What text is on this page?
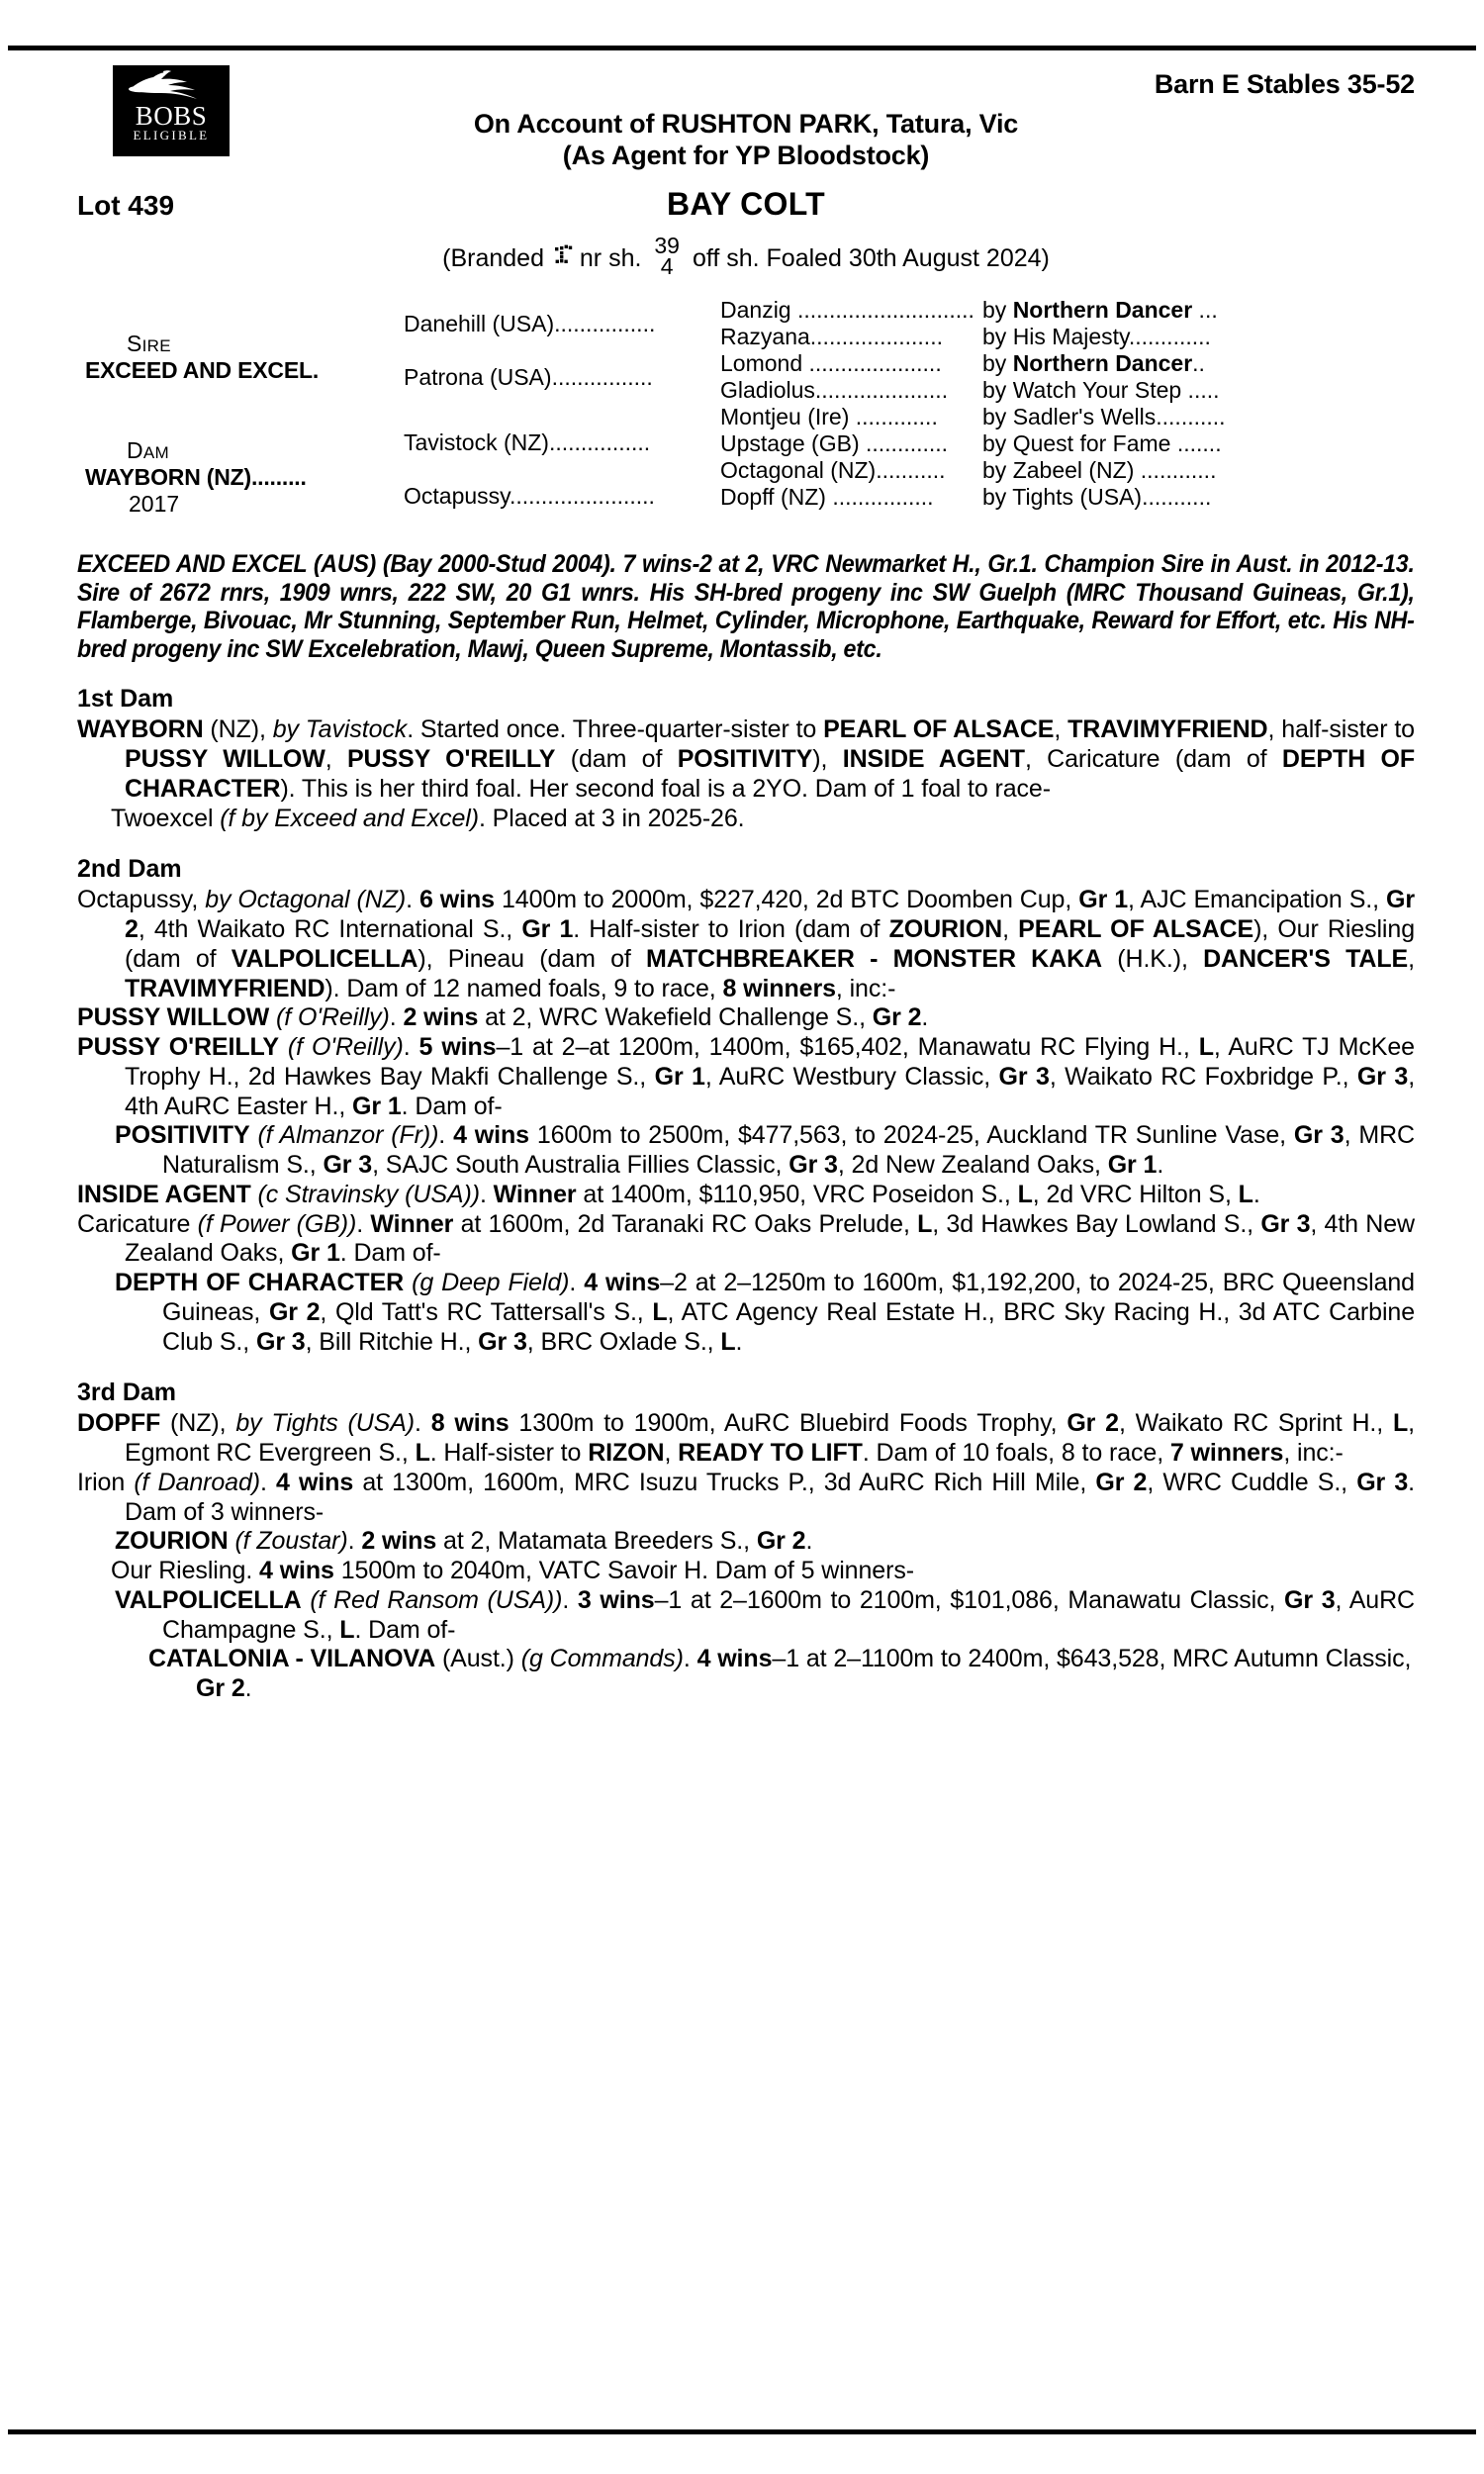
BOBS
ELIGIBLE
Barn E Stables 35-52
On Account of RUSHTON PARK, Tatura, Vic
(As Agent for YP Bloodstock)
Lot 439	BAY COLT
(Branded nr sh. 39
4 off sh. Foaled 30th August 2024)
SIRE
EXCEED AND EXCEL.
DAM
WAYBORN (NZ).........
2017
Danehill (USA)................
Patrona (USA)................
Tavistock (NZ)................
Octapussy.......................
Danzig ............................
Razyana.....................
Lomond .....................
Gladiolus.....................
Montjeu (Ire) .............
Upstage (GB) .............
Octagonal (NZ)...........
Dopff (NZ) ................
by Northern Dancer ...
by His Majesty.............
by Northern Dancer..
by Watch Your Step .....
by Sadler's Wells...........
by Quest for Fame .......
by Zabeel (NZ) ............
by Tights (USA)...........
EXCEED AND EXCEL (AUS) (Bay 2000-Stud 2004). 7 wins-2 at 2, VRC Newmarket H., Gr.1. Champion Sire in Aust. in 2012-13. Sire of 2672 rnrs, 1909 wnrs, 222 SW, 20 G1 wnrs. His SH-bred progeny inc SW Guelph (MRC Thousand Guineas, Gr.1), Flamberge, Bivouac, Mr Stunning, September Run, Helmet, Cylinder, Microphone, Earthquake, Reward for Effort, etc. His NH-bred progeny inc SW Excelebration, Mawj, Queen Supreme, Montassib, etc.
1st Dam

WAYBORN (NZ), by Tavistock. Started once. Three-quarter-sister to PEARL OF ALSACE, TRAVIMYFRIEND, half-sister to PUSSY WILLOW, PUSSY O'REILLY (dam of POSITIVITY), INSIDE AGENT, Caricature (dam of DEPTH OF CHARACTER). This is her third foal. Her second foal is a 2YO. Dam of 1 foal to race-

Twoexcel (f by Exceed and Excel). Placed at 3 in 2025-26.

2nd Dam

Octapussy, by Octagonal (NZ). 6 wins 1400m to 2000m, $227,420, 2d BTC Doomben Cup, Gr 1, AJC Emancipation S., Gr 2, 4th Waikato RC International S., Gr 1. Half-sister to Irion (dam of ZOURION, PEARL OF ALSACE), Our Riesling (dam of VALPOLICELLA), Pineau (dam of MATCHBREAKER - MONSTER KAKA (H.K.), DANCER'S TALE, TRAVIMYFRIEND). Dam of 12 named foals, 9 to race, 8 winners, inc:-

PUSSY WILLOW (f O'Reilly). 2 wins at 2, WRC Wakefield Challenge S., Gr 2.

PUSSY O'REILLY (f O'Reilly). 5 wins–1 at 2–at 1200m, 1400m, $165,402, Manawatu RC Flying H., L, AuRC TJ McKee Trophy H., 2d Hawkes Bay Makfi Challenge S., Gr 1, AuRC Westbury Classic, Gr 3, Waikato RC Foxbridge P., Gr 3, 4th AuRC Easter H., Gr 1. Dam of-

POSITIVITY (f Almanzor (Fr)). 4 wins 1600m to 2500m, $477,563, to 2024-25, Auckland TR Sunline Vase, Gr 3, MRC Naturalism S., Gr 3, SAJC South Australia Fillies Classic, Gr 3, 2d New Zealand Oaks, Gr 1.

INSIDE AGENT (c Stravinsky (USA)). Winner at 1400m, $110,950, VRC Poseidon S., L, 2d VRC Hilton S, L.

Caricature (f Power (GB)). Winner at 1600m, 2d Taranaki RC Oaks Prelude, L, 3d Hawkes Bay Lowland S., Gr 3, 4th New Zealand Oaks, Gr 1. Dam of-

DEPTH OF CHARACTER (g Deep Field). 4 wins–2 at 2–1250m to 1600m, $1,192,200, to 2024-25, BRC Queensland Guineas, Gr 2, Qld Tatt's RC Tattersall's S., L, ATC Agency Real Estate H., BRC Sky Racing H., 3d ATC Carbine Club S., Gr 3, Bill Ritchie H., Gr 3, BRC Oxlade S., L.

3rd Dam

DOPFF (NZ), by Tights (USA). 8 wins 1300m to 1900m, AuRC Bluebird Foods Trophy, Gr 2, Waikato RC Sprint H., L, Egmont RC Evergreen S., L. Half-sister to RIZON, READY TO LIFT. Dam of 10 foals, 8 to race, 7 winners, inc:-

Irion (f Danroad). 4 wins at 1300m, 1600m, MRC Isuzu Trucks P., 3d AuRC Rich Hill Mile, Gr 2, WRC Cuddle S., Gr 3. Dam of 3 winners-

ZOURION (f Zoustar). 2 wins at 2, Matamata Breeders S., Gr 2.

Our Riesling. 4 wins 1500m to 2040m, VATC Savoir H. Dam of 5 winners-

VALPOLICELLA (f Red Ransom (USA)). 3 wins–1 at 2–1600m to 2100m, $101,086, Manawatu Classic, Gr 3, AuRC Champagne S., L. Dam of-

CATALONIA - VILANOVA (Aust.) (g Commands). 4 wins–1 at 2–1100m to 2400m, $643,528, MRC Autumn Classic, Gr 2.
